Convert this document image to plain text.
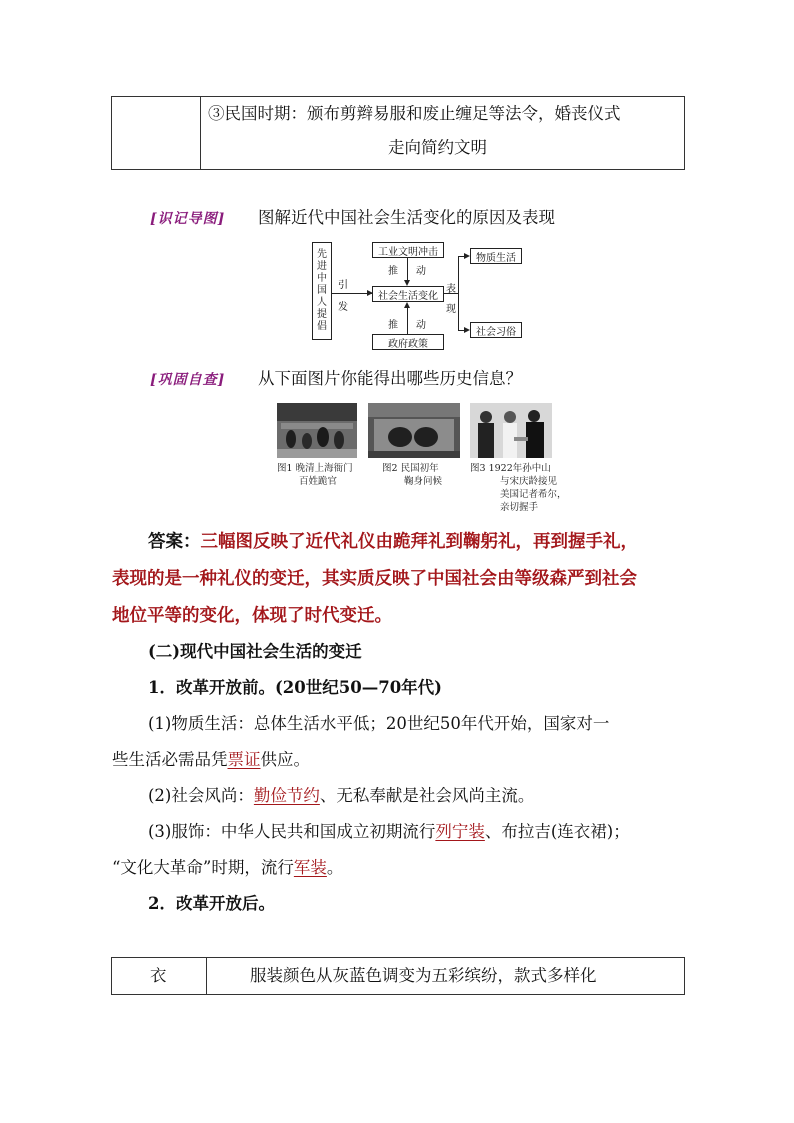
③民国时期：颁布剪辫易服和废止缠足等法令，婚丧仪式
走向简约文明
[识记导图] 图解近代中国社会生活变化的原因及表现
先
进
中
国
人
提
倡
引
发
工业文明冲击
社会生活变化
政府政策
推 动
推 动
表
现
物质生活
社会习俗
[巩固自查] 从下面图片你能得出哪些历史信息？
图1 晚清上海衙门
百姓跪官
图2 民国初年
鞠身问候
图3 1922年孙中山
与宋庆龄接见
美国记者希尔，
亲切握手
答案：三幅图反映了近代礼仪由跪拜礼到鞠躬礼，再到握手礼，
表现的是一种礼仪的变迁，其实质反映了中国社会由等级森严到社会
地位平等的变化，体现了时代变迁。
(二)现代中国社会生活的变迁
1．改革开放前。(20世纪50—70年代)
(1)物质生活：总体生活水平低；20世纪50年代开始，国家对一
些生活必需品凭票证供应。
(2)社会风尚：勤俭节约、无私奉献是社会风尚主流。
(3)服饰：中华人民共和国成立初期流行列宁装、布拉吉(连衣裙)；
“文化大革命”时期，流行军装。
2．改革开放后。
衣	服装颜色从灰蓝色调变为五彩缤纷，款式多样化
